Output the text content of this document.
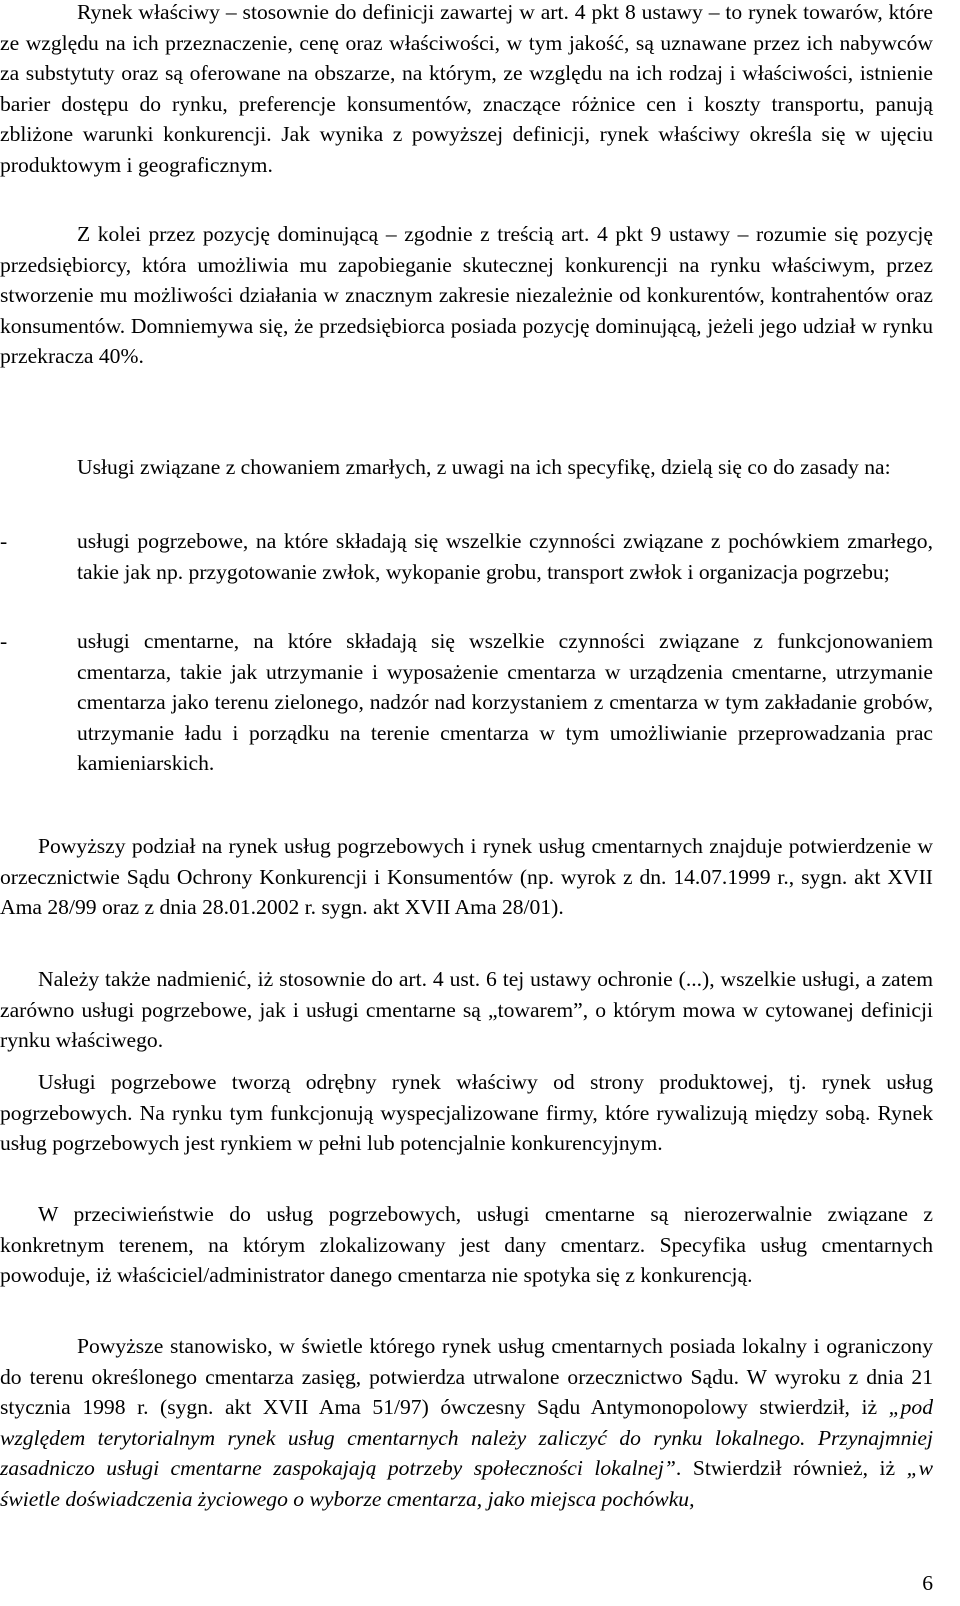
Rynek właściwy – stosownie do definicji zawartej w art. 4 pkt 8 ustawy – to rynek towarów, które ze względu na ich przeznaczenie, cenę oraz właściwości, w tym jakość, są uznawane przez ich nabywców za substytuty oraz są oferowane na obszarze, na którym, ze względu na ich rodzaj i właściwości, istnienie barier dostępu do rynku, preferencje konsumentów, znaczące różnice cen i koszty transportu, panują zbliżone warunki konkurencji. Jak wynika z powyższej definicji, rynek właściwy określa się w ujęciu produktowym i geograficznym.

Z kolei przez pozycję dominującą – zgodnie z treścią art. 4 pkt 9 ustawy – rozumie się pozycję przedsiębiorcy, która umożliwia mu zapobieganie skutecznej konkurencji na rynku właściwym, przez stworzenie mu możliwości działania w znacznym zakresie niezależnie od konkurentów, kontrahentów oraz konsumentów. Domniemywa się, że przedsiębiorca posiada pozycję dominującą, jeżeli jego udział w rynku przekracza 40%.

Usługi związane z chowaniem zmarłych, z uwagi na ich specyfikę, dzielą się co do zasady na:

-	usługi pogrzebowe, na które składają się wszelkie czynności związane z pochówkiem zmarłego, takie jak np. przygotowanie zwłok, wykopanie grobu, transport zwłok i organizacja pogrzebu;
-	usługi cmentarne, na które składają się wszelkie czynności związane z funkcjonowaniem cmentarza, takie jak utrzymanie i wyposażenie cmentarza w urządzenia cmentarne, utrzymanie cmentarza jako terenu zielonego, nadzór nad korzystaniem z cmentarza w tym zakładanie grobów, utrzymanie ładu i porządku na terenie cmentarza w tym umożliwianie przeprowadzania prac kamieniarskich.

Powyższy podział na rynek usług pogrzebowych i rynek usług cmentarnych znajduje potwierdzenie w orzecznictwie Sądu Ochrony Konkurencji i Konsumentów (np. wyrok z dn. 14.07.1999 r., sygn. akt XVII Ama 28/99 oraz z dnia 28.01.2002 r. sygn. akt XVII Ama 28/01).

Należy także nadmienić, iż stosownie do art. 4 ust. 6 tej ustawy ochronie (...), wszelkie usługi, a zatem zarówno usługi pogrzebowe, jak i usługi cmentarne są „towarem”, o którym mowa w cytowanej definicji rynku właściwego.

Usługi pogrzebowe tworzą odrębny rynek właściwy od strony produktowej, tj. rynek usług pogrzebowych. Na rynku tym funkcjonują wyspecjalizowane firmy, które rywalizują między sobą. Rynek usług pogrzebowych jest rynkiem w pełni lub potencjalnie konkurencyjnym.

W przeciwieństwie do usług pogrzebowych, usługi cmentarne są nierozerwalnie związane z konkretnym terenem, na którym zlokalizowany jest dany cmentarz. Specyfika usług cmentarnych powoduje, iż właściciel/administrator danego cmentarza nie spotyka się z konkurencją.

Powyższe stanowisko, w świetle którego rynek usług cmentarnych posiada lokalny i ograniczony do terenu określonego cmentarza zasięg, potwierdza utrwalone orzecznictwo Sądu. W wyroku z dnia 21 stycznia 1998 r. (sygn. akt XVII Ama 51/97) ówczesny Sądu Antymonopolowy stwierdził, iż „pod względem terytorialnym rynek usług cmentarnych należy zaliczyć do rynku lokalnego. Przynajmniej zasadniczo usługi cmentarne zaspokajają potrzeby społeczności lokalnej”. Stwierdził również, iż „w świetle doświadczenia życiowego o wyborze cmentarza, jako miejsca pochówku,

6
